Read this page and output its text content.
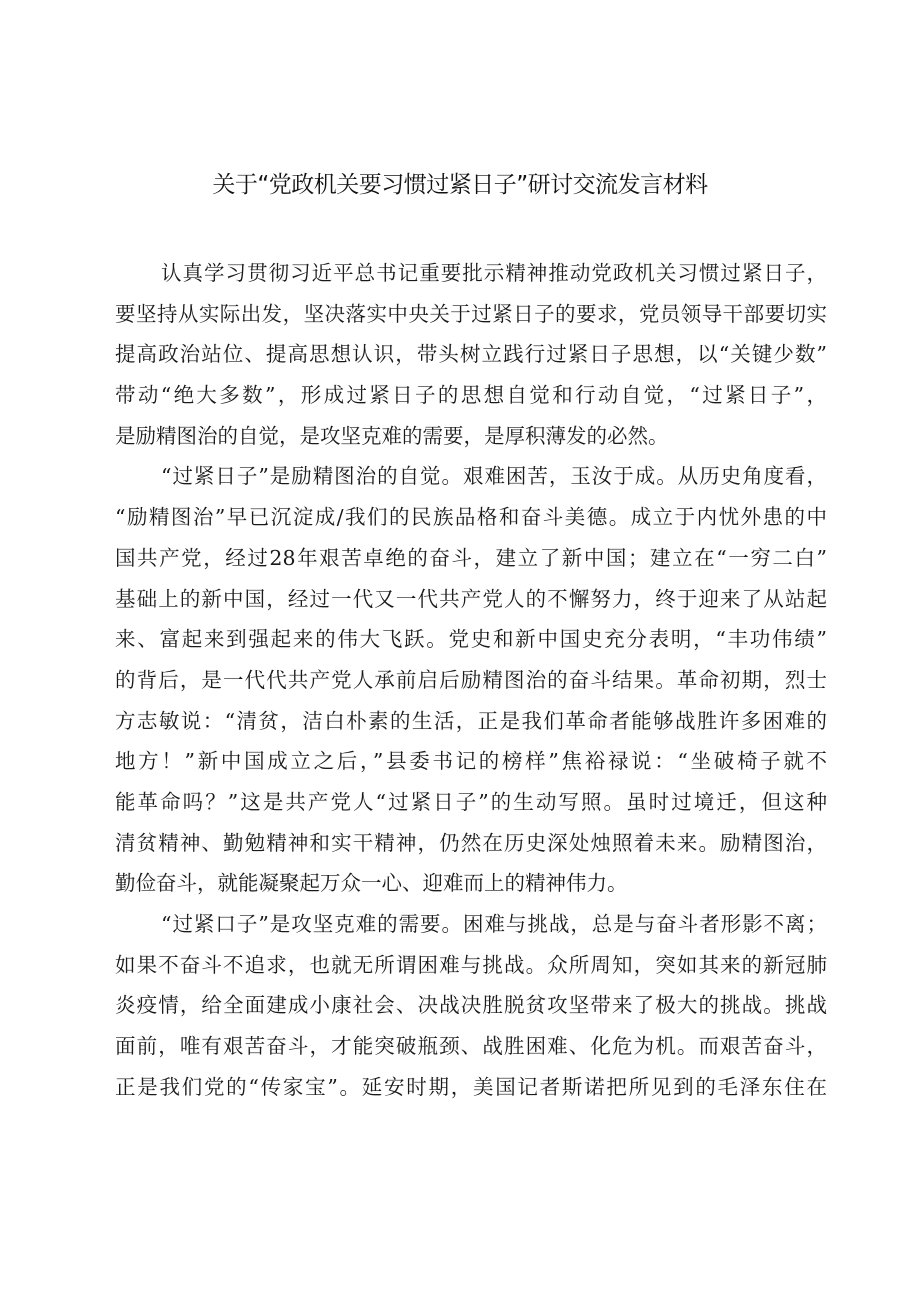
关于“党政机关要习惯过紧日子”研讨交流发言材料
认真学习贯彻习近平总书记重要批示精神推动党政机关习惯过紧日子，
要坚持从实际出发，坚决落实中央关于过紧日子的要求，党员领导干部要切实
提高政治站位、提高思想认识，带头树立践行过紧日子思想，以“关键少数”
带动“绝大多数”，形成过紧日子的思想自觉和行动自觉，“过紧日子”，
是励精图治的自觉，是攻坚克难的需要，是厚积薄发的必然。
“过紧日子”是励精图治的自觉。艰难困苦，玉汝于成。从历史角度看，
“励精图治”早已沉淀成/我们的民族品格和奋斗美德。成立于内忧外患的中
国共产党，经过28年艰苦卓绝的奋斗，建立了新中国；建立在“一穷二白”
基础上的新中国，经过一代又一代共产党人的不懈努力，终于迎来了从站起
来、富起来到强起来的伟大飞跃。党史和新中国史充分表明，“丰功伟绩”
的背后，是一代代共产党人承前启后励精图治的奋斗结果。革命初期，烈士
方志敏说：“清贫，洁白朴素的生活，正是我们革命者能够战胜许多困难的
地方！”新中国成立之后，”县委书记的榜样”焦裕禄说：“坐破椅子就不
能革命吗？”这是共产党人“过紧日子”的生动写照。虽时过境迁，但这种
清贫精神、勤勉精神和实干精神，仍然在历史深处烛照着未来。励精图治，
勤俭奋斗，就能凝聚起万众一心、迎难而上的精神伟力。
“过紧口子”是攻坚克难的需要。困难与挑战，总是与奋斗者形影不离；
如果不奋斗不追求，也就无所谓困难与挑战。众所周知，突如其来的新冠肺
炎疫情，给全面建成小康社会、决战决胜脱贫攻坚带来了极大的挑战。挑战
面前，唯有艰苦奋斗，才能突破瓶颈、战胜困难、化危为机。而艰苦奋斗，
正是我们党的“传家宝”。延安时期，美国记者斯诺把所见到的毛泽东住在
